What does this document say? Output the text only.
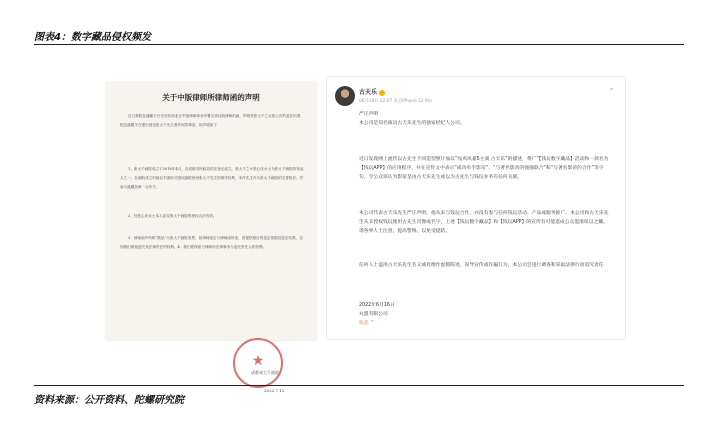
图表4：数字藏品侵权频发
关于中版律师所律师函的声明
近日我院及盛藏平台先后收到北京中版律师事务所署名高佳航律师的函，声明受张大千之女张心庆的委托向我院及盛藏平台提出侵犯张大千先生著作权的事宜，现声明如下：
1、张大千画院成立于2016年4月，在成都市民政局依法登记成立，张大千之女张心庆女士为张大千画院的发起人之一，在画院成立时就以书面形式授权画院使用张大千先生的著作权利，本作先生作为张大千画院的名誉院长，并参与盛藏品唯一合作方。
2、经张心庆女士本人证实张大千画院的授权合法有效。
3、律师函中所称“数品”为张大千画院发售，如律师鉴定与律师函所述，请提供相应的鉴定依据及鉴定结果，否则我们保留追究其法律责任的权利。4、我们将保留与律师所法律事务与追究责任人的权利。
★
成都张大千画院
2022.7.12
古天乐
06月16日 22:07 来自iPhone 12 Pro
⌄
严正声明
本公司是知名演员古天乐先生的独家经纪人公司。
近日发现网上流传以古先生不同造型照片加以“宛央风嘉5主演 古天乐”的描述，费广“【钱玩数字藏品】活动和一款名为【钱玩APP】的应用程序，并在宣传文中表示“成功牵手影帝”、“与著名影帝的强强联合”和“与著名影帝的合作”等字句，令公众误认为影帝是由古天乐先生或以为古先生与钱玩业务有任何关联。
本公司代表古天乐先生严正声明，他从来与钱玩合作，亦没有参与任何钱玩活动、产品或服务推广。本公司和古天乐先生从未授权钱玩使用古先生肖像或名字，上述【钱玩数字藏品】和【钱玩APP】的宣传有可能造成公众混淆误以之嫌。请各界人士注意，提高警惕，以免受提防。
任何人士盗用古天乐先生名义或肖像作虚假陈述，误导宣传或诈骗行为，本公司会进行调查和采取法律行动追究责任
2022年6月16日
丸盟有限公司
收起 ^
资料来源：公开资料、陀螺研究院
